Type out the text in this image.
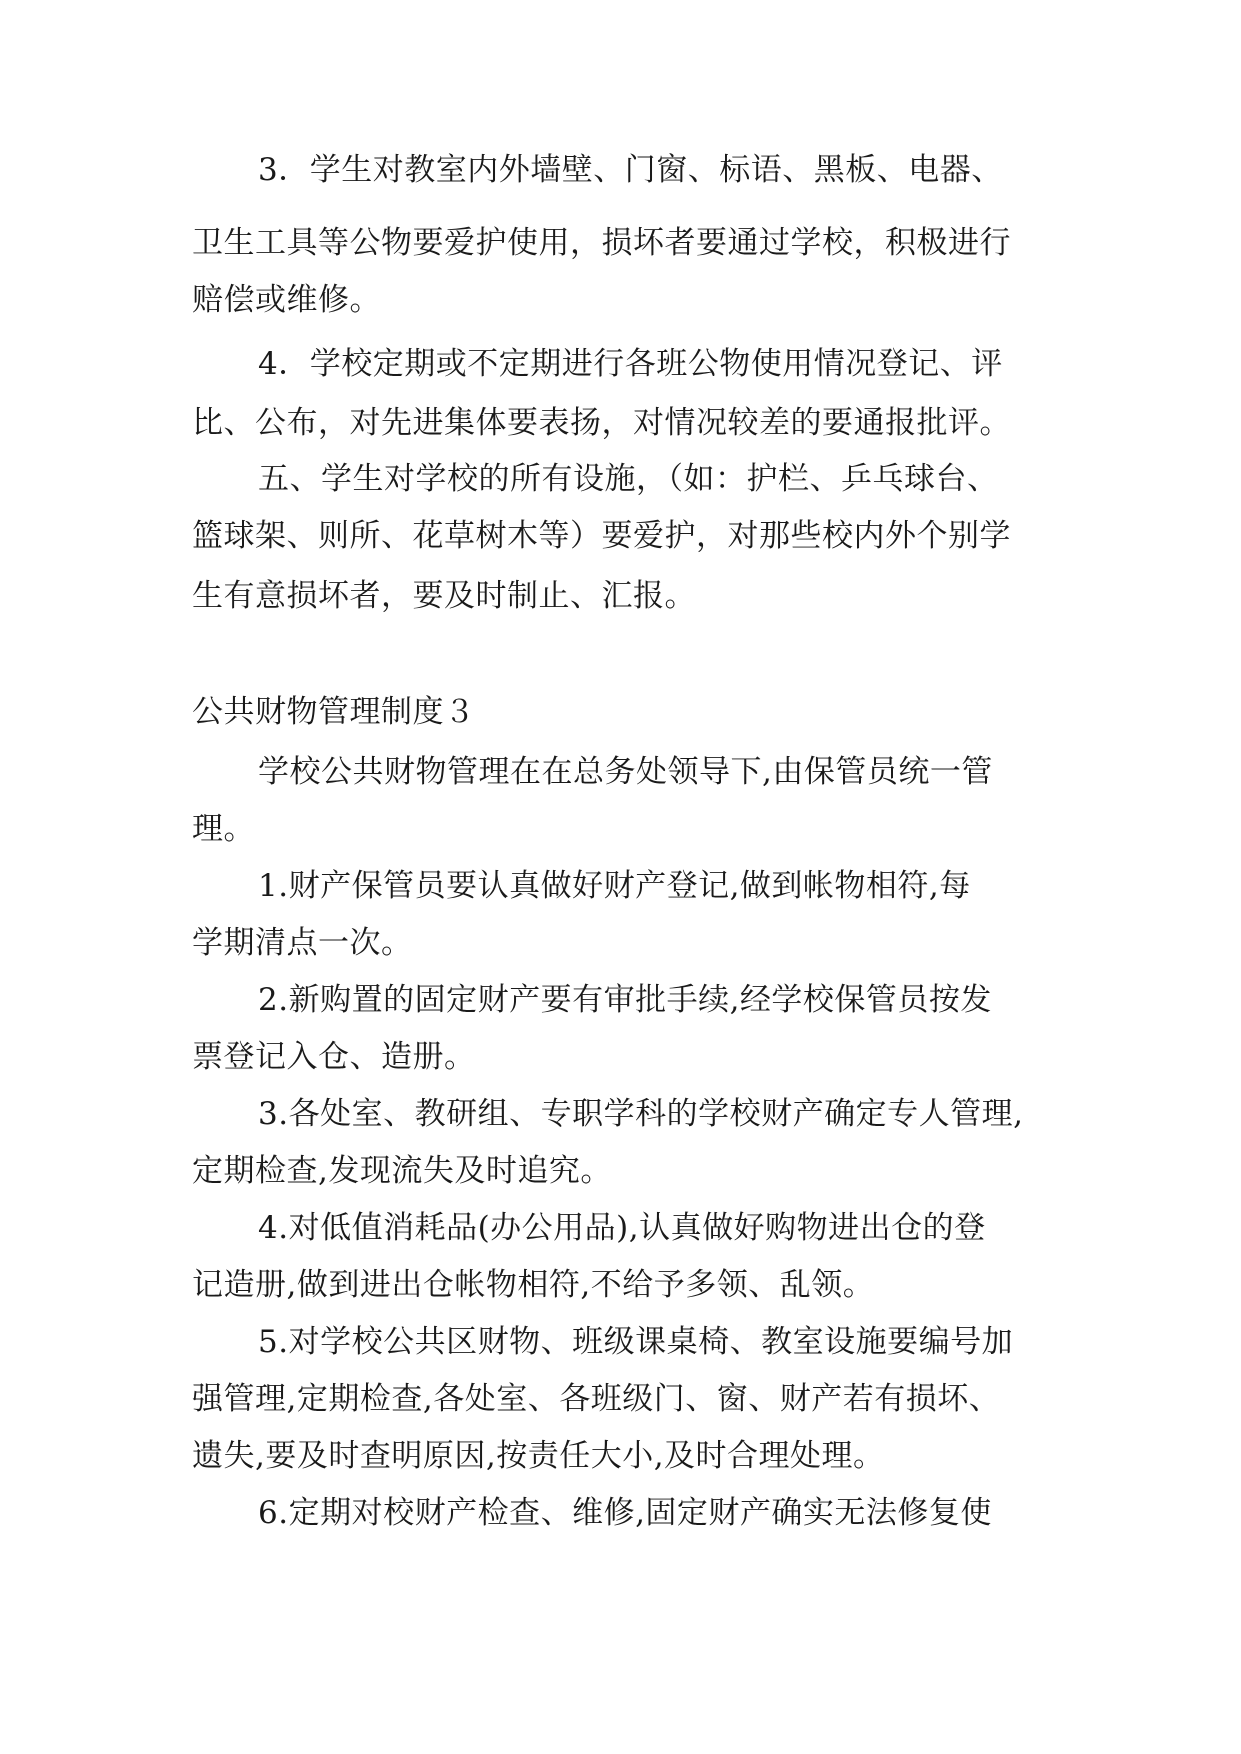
3．学生对教室内外墙壁、门窗、标语、黑板、电器、
卫生工具等公物要爱护使用，损坏者要通过学校，积极进行
赔偿或维修。
4．学校定期或不定期进行各班公物使用情况登记、评
比、公布，对先进集体要表扬，对情况较差的要通报批评。
五、学生对学校的所有设施，（如：护栏、乒乓球台、
篮球架、则所、花草树木等）要爱护，对那些校内外个别学
生有意损坏者，要及时制止、汇报。
公共财物管理制度３
学校公共财物管理在在总务处领导下,由保管员统一管
理。
1.财产保管员要认真做好财产登记,做到帐物相符,每
学期清点一次。
2.新购置的固定财产要有审批手续,经学校保管员按发
票登记入仓、造册。
3.各处室、教研组、专职学科的学校财产确定专人管理,
定期检查,发现流失及时追究。
4.对低值消耗品(办公用品),认真做好购物进出仓的登
记造册,做到进出仓帐物相符,不给予多领、乱领。
5.对学校公共区财物、班级课桌椅、教室设施要编号加
强管理,定期检查,各处室、各班级门、窗、财产若有损坏、
遗失,要及时查明原因,按责任大小,及时合理处理。
6.定期对校财产检查、维修,固定财产确实无法修复使
